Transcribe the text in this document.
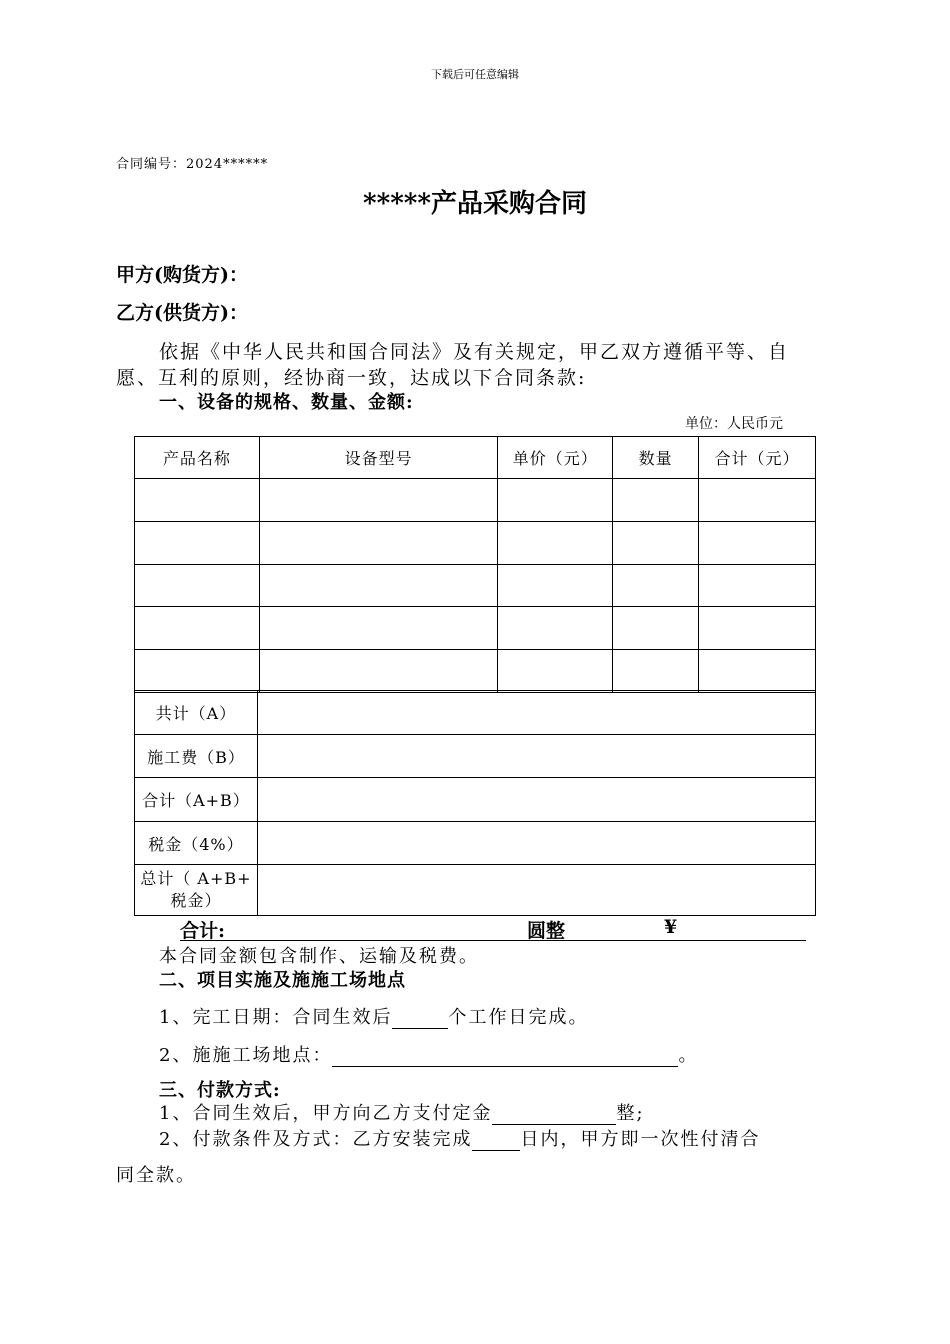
下载后可任意编辑
合同编号：2024******
*****产品采购合同
甲方(购货方)：
乙方(供货方)：
依据《中华人民共和国合同法》及有关规定，甲乙双方遵循平等、自
愿、互利的原则，经协商一致，达成以下合同条款:
一、设备的规格、数量、金额:
单位：人民币元
产品名称	设备型号	单价（元）	数量	合计（元）

共计（A）	
施工费（B）	
合计（A+B）	
税金（4%）	

总计（ A+B+
税金）	

合计:	圆整	¥
本合同金额包含制作、运输及税费。
二、项目实施及施施工场地点
1、完工日期：合同生效后	个工作日完成。
2、施施工场地点：	。
三、付款方式:
1、合同生效后，甲方向乙方支付定金	整;
2、付款条件及方式：乙方安装完成	日内，甲方即一次性付清合
同全款。
